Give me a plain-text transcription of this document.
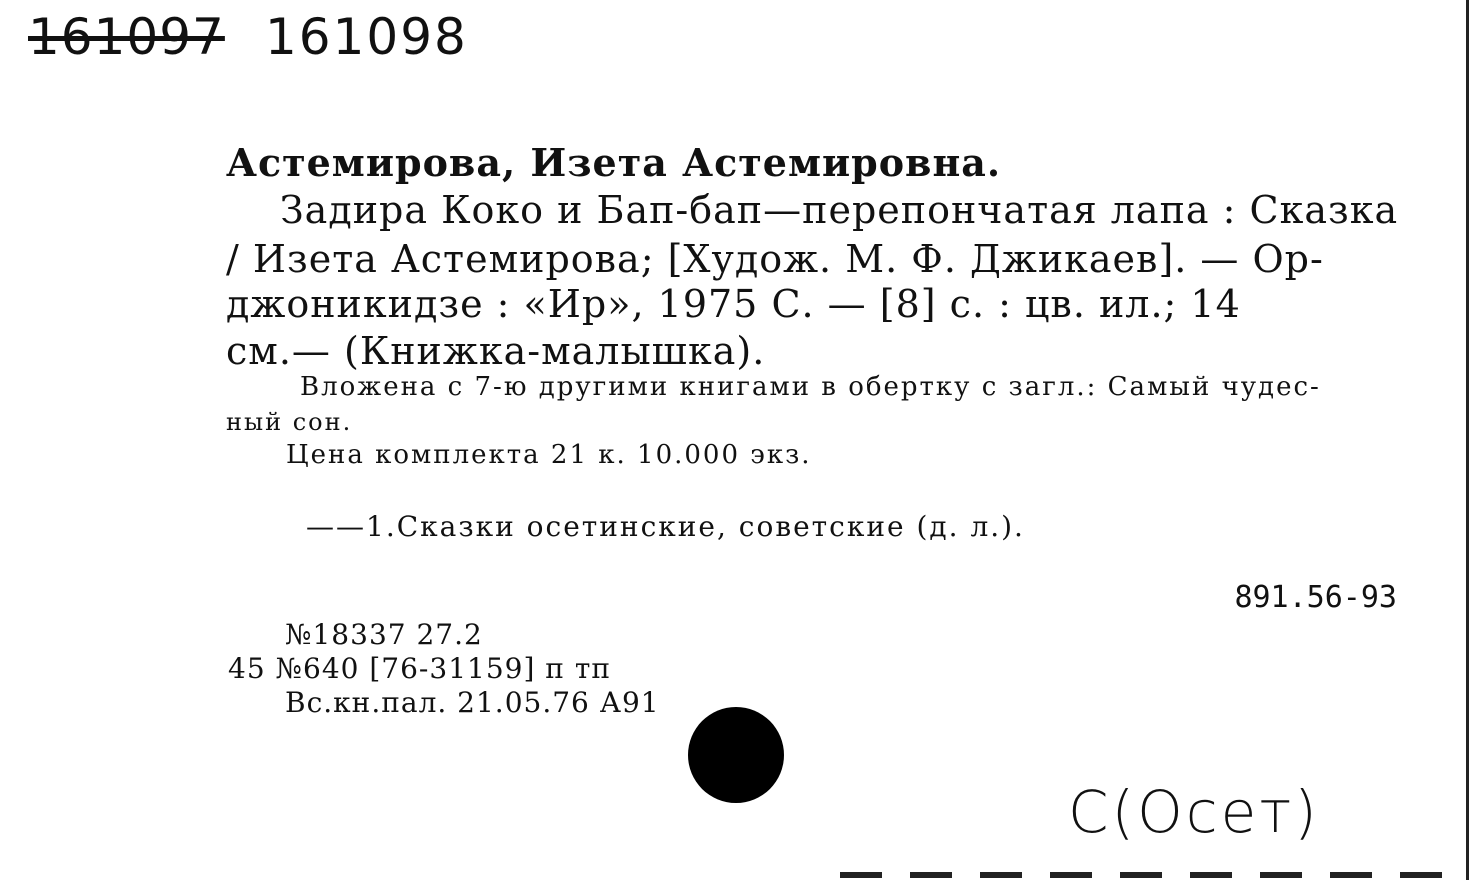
161097 161098
Астемирова, Изета Астемировна.
Задира Коко и Бап-бап—перепончатая лапа : Сказка
/ Изета Астемирова; [Худож. М. Ф. Джикаев]. — Ор-
джоникидзе : «Ир», 1975 С. — [8] с. : цв. ил.; 14
см.— (Книжка-малышка).
Вложена с 7-ю другими книгами в обертку с загл.: Самый чудес-
ный сон.
Цена комплекта 21 к. 10.000 экз.
——1.Сказки осетинские, советские (д. л.).
891.56-93
№18337 27.2
45 №640 [76-31159] п тп
Вс.кн.пал. 21.05.76 А91
С(Осет)
